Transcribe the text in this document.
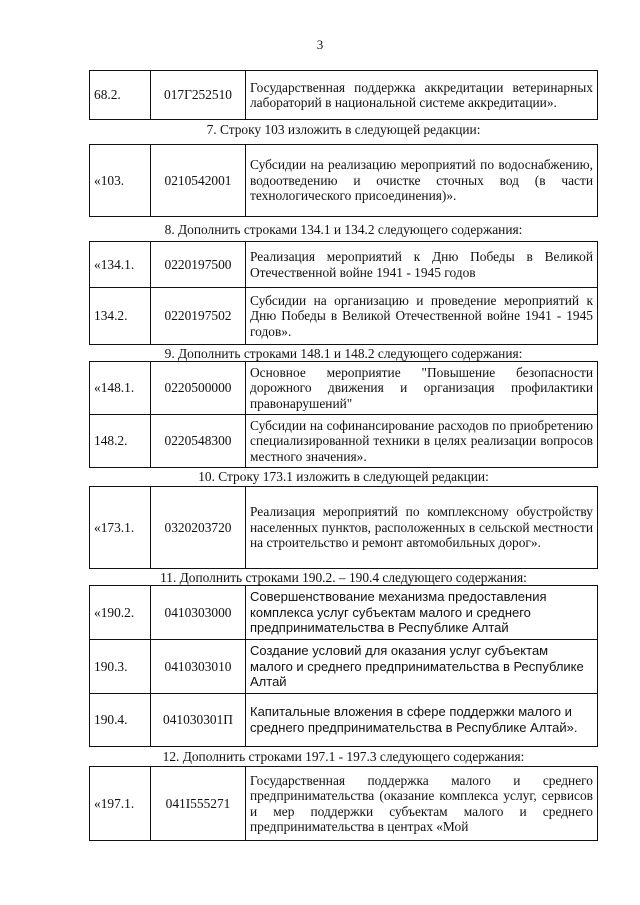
3
68.2.	017Г252510	Государственная поддержка аккредитации ветеринарных лабораторий в национальной системе аккредитации».
7. Строку 103 изложить в следующей редакции:
«103.	0210542001	Субсидии на реализацию мероприятий по водоснабжению, водоотведению и очистке сточных вод (в части технологического присоединения)».
8. Дополнить строками 134.1 и 134.2 следующего содержания:
«134.1.	0220197500	Реализация мероприятий к Дню Победы в Великой Отечественной войне 1941 - 1945 годов
134.2.	0220197502	Субсидии на организацию и проведение мероприятий к Дню Победы в Великой Отечественной войне 1941 - 1945 годов».
9. Дополнить строками 148.1 и 148.2 следующего содержания:
«148.1.	0220500000	Основное мероприятие "Повышение безопасности дорожного движения и организация профилактики правонарушений"
148.2.	0220548300	Субсидии на софинансирование расходов по приобретению специализированной техники в целях реализации вопросов местного значения».
10. Строку 173.1 изложить в следующей редакции:
«173.1.	0320203720	Реализация мероприятий по комплексному обустройству населенных пунктов, расположенных в сельской местности на строительство и ремонт автомобильных дорог».
11. Дополнить строками 190.2. – 190.4 следующего содержания:
«190.2.	0410303000	Совершенствование механизма предоставления комплекса услуг субъектам малого и среднего предпринимательства в Республике Алтай
190.3.	0410303010	Создание условий для оказания услуг субъектам малого и среднего предпринимательства в Республике Алтай
190.4.	041030301П	Капитальные вложения в сфере поддержки малого и среднего предпринимательства в Республике Алтай».
12. Дополнить строками 197.1 - 197.3 следующего содержания:
«197.1.	041I555271	Государственная поддержка малого и среднего предпринимательства (оказание комплекса услуг, сервисов и мер поддержки субъектам малого и среднего предпринимательства в центрах «Мой
